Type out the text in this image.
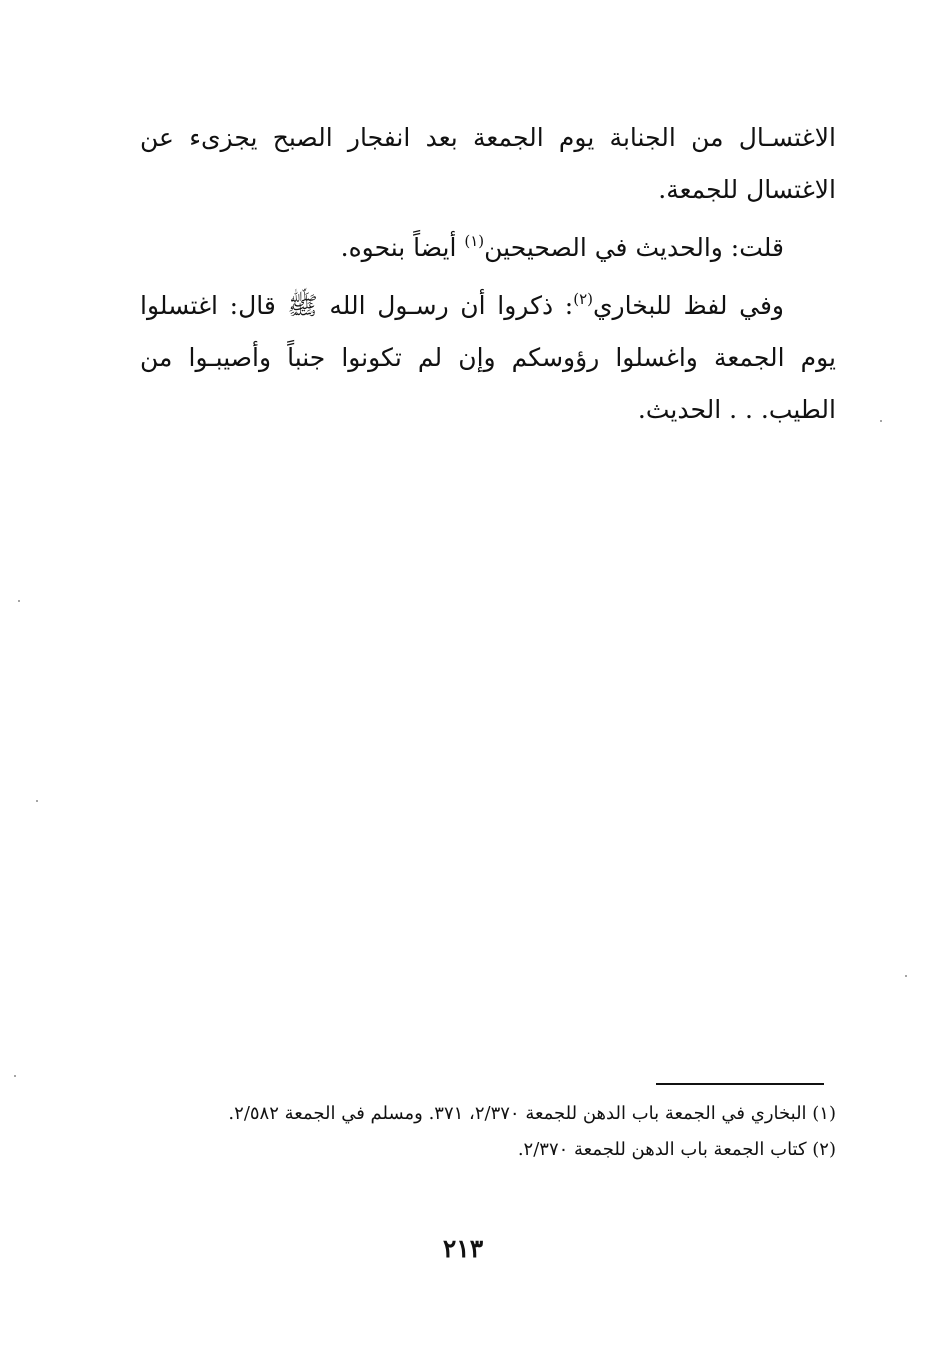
الاغتسـال من الجنابة يوم الجمعة بعد انفجار الصبح يجزىء عن الاغتسال للجمعة.

قلت: والحديث في الصحيحين$^{(١)}$ أيضاً بنحوه.

وفي لفظ للبخاري$^{(٢)}$: ذكروا أن رسـول الله ﷺ قال: اغتسلوا يوم الجمعة واغسلوا رؤوسكم وإن لم تكونوا جنباً وأصيبـوا من الطيب. . . الحديث.

(١) البخاري في الجمعة باب الدهن للجمعة ٢/٣٧٠، ٣٧١. ومسلم في الجمعة ٢/٥٨٢.

(٢) كتاب الجمعة باب الدهن للجمعة ٢/٣٧٠.

٢١٣
